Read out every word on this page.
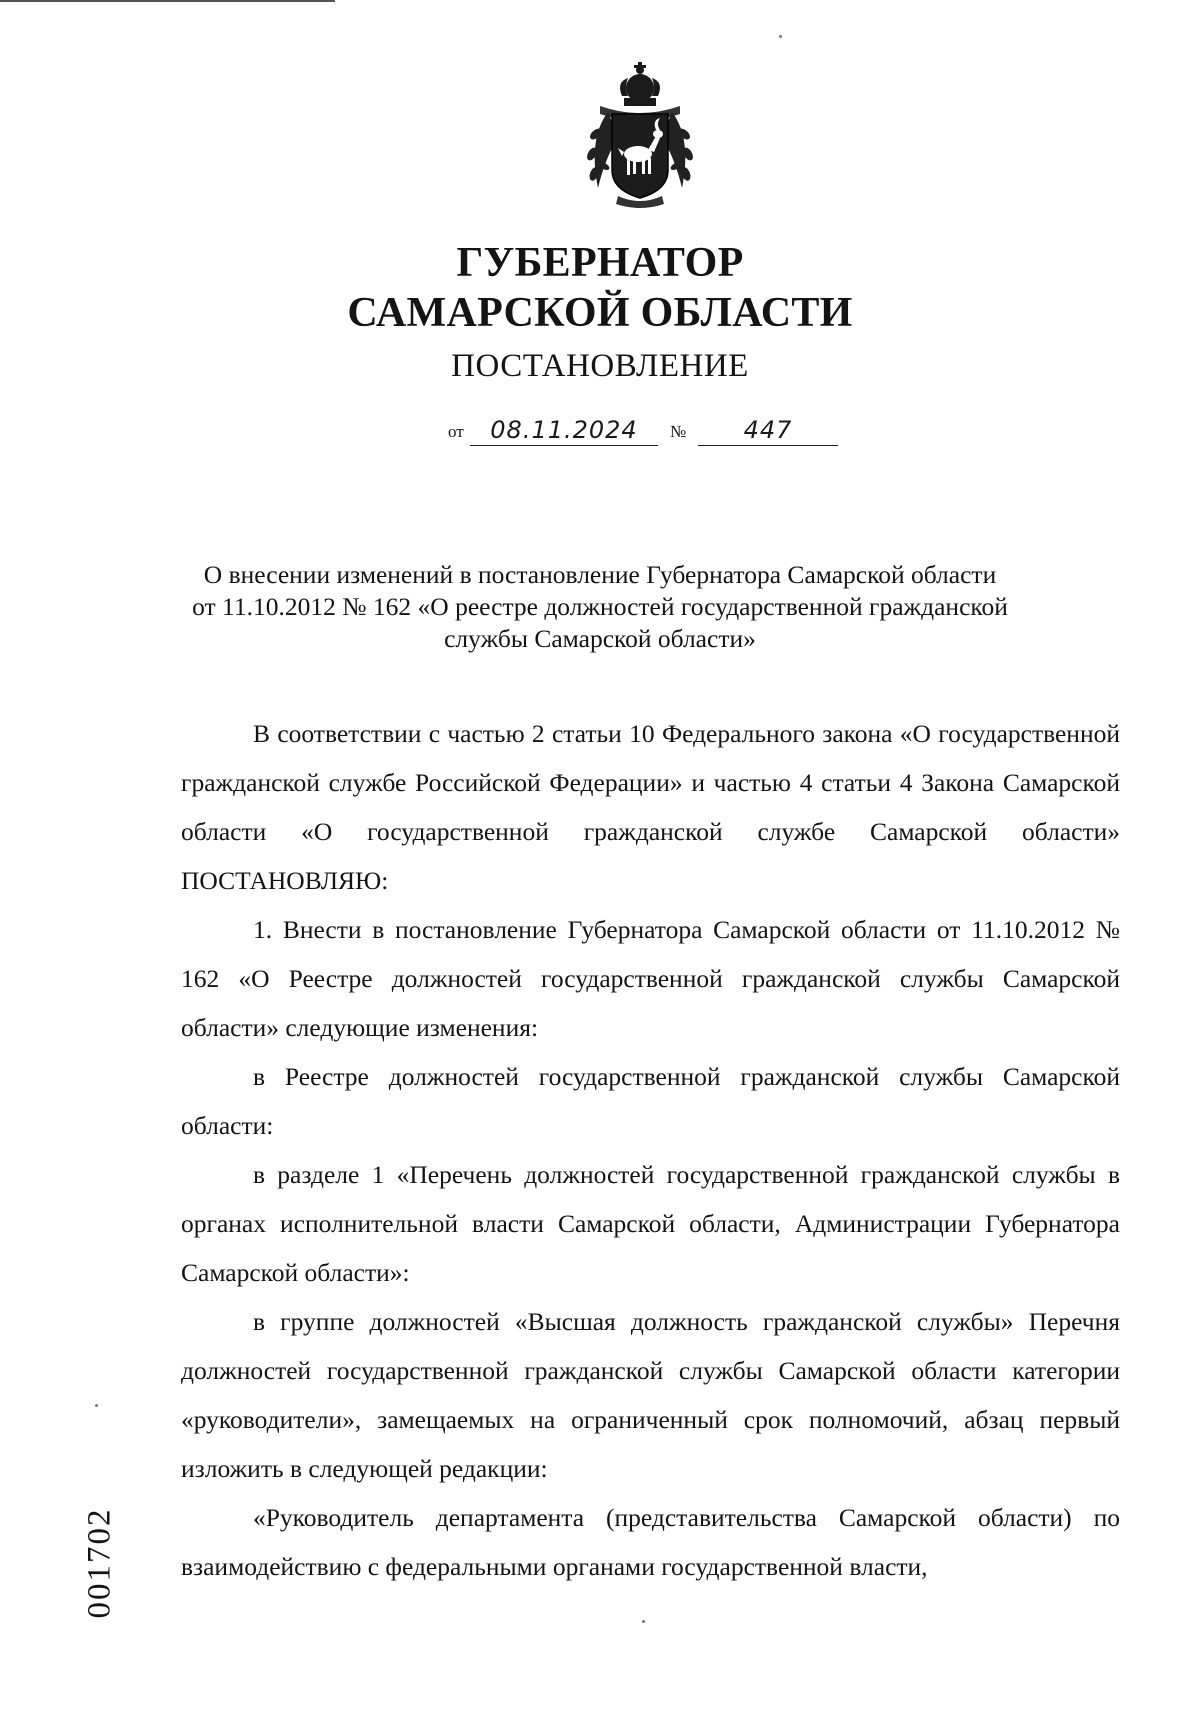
ГУБЕРНАТОР
САМАРСКОЙ ОБЛАСТИ
ПОСТАНОВЛЕНИЕ
от	08.11.2024	№	447
О внесении изменений в постановление Губернатора Самарской области
от 11.10.2012 № 162 «О реестре должностей государственной гражданской
службы Самарской области»

В соответствии с частью 2 статьи 10 Федерального закона «О государственной гражданской службе Российской Федерации» и частью 4 статьи 4 Закона Самарской области «О государственной гражданской службе Самарской области» ПОСТАНОВЛЯЮ:

1. Внести в постановление Губернатора Самарской области от 11.10.2012 № 162 «О Реестре должностей государственной гражданской службы Самарской области» следующие изменения:

в Реестре должностей государственной гражданской службы Самарской области:

в разделе 1 «Перечень должностей государственной гражданской службы в органах исполнительной власти Самарской области, Администрации Губернатора Самарской области»:

в группе должностей «Высшая должность гражданской службы» Перечня должностей государственной гражданской службы Самарской области категории «руководители», замещаемых на ограниченный срок полномочий, абзац первый изложить в следующей редакции:

«Руководитель департамента (представительства Самарской области) по взаимодействию с федеральными органами государственной власти,

001702
